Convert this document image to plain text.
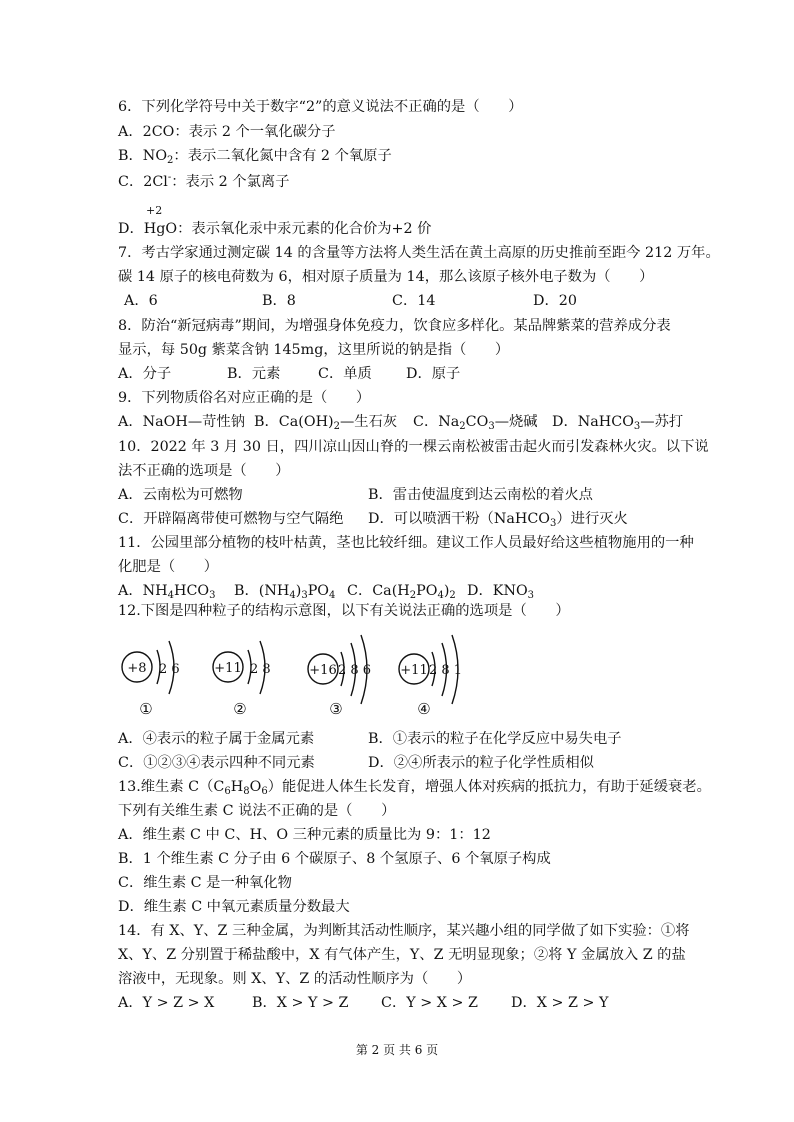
6．下列化学符号中关于数字“2”的意义说法不正确的是（　　）
A．2CO：表示 2 个一氧化碳分子
B．$NO_2$：表示二氧化氮中含有 2 个氧原子
C．2Cl-：表示 2 个氯离子
+2
D．HgO：表示氧化汞中汞元素的化合价为+2 价
7．考古学家通过测定碳 14 的含量等方法将人类生活在黄土高原的历史推前至距今 212 万年。
碳 14 原子的核电荷数为 6，相对原子质量为 14，那么该原子核外电子数为（　　）
A．6	B．8	C．14	D．20
8．防治“新冠病毒”期间，为增强身体免疫力，饮食应多样化。某品牌紫菜的营养成分表
显示，每 50g 紫菜含钠 145mg，这里所说的钠是指（　　）
A．分子	B．元素	C．单质 D．原子
9．下列物质俗名对应正确的是（　　）
A．NaOH—苛性钠 B．$Ca(OH)_2—$生石灰 C．$Na_2CO_3—$烧碱 D．NaHCO$_3$—苏打
10．2022 年 3 月 30 日，四川凉山因山脊的一棵云南松被雷击起火而引发森林火灾。以下说
法不正确的选项是（　　）
A．云南松为可燃物	B．雷击使温度到达云南松的着火点
C．开辟隔离带使可燃物与空气隔绝 D．可以喷洒干粉（NaHCO$_3$）进行灭火
11．公园里部分植物的枝叶枯黄，茎也比较纤细。建议工作人员最好给这些植物施用的一种
化肥是（　　）
A．$NH_4HCO_3$ B．$(NH_4)_3PO_4$ C．$Ca(H_2PO_4)_2$ D．$KNO_3$
12.下图是四种粒子的结构示意图，以下有关说法正确的选项是（　　）
+8	+11	+16	+11
2 6	2 8	2 8 6	2 8 1
①	②	③	④
A．④表示的粒子属于金属元素	B．①表示的粒子在化学反应中易失电子
C．①②③④表示四种不同元素	D．②④所表示的粒子化学性质相似
13.维生素 $C(C_6H_8O_6)$能促进人体生长发育，增强人体对疾病的抵抗力，有助于延缓衰老。
下列有关维生素 C 说法不正确的是（　　）
A．维生素 C 中 C、H、O 三种元素的质量比为 9：1：12
B．1 个维生素 C 分子由 6 个碳原子、8 个氢原子、6 个氧原子构成
C．维生素 C 是一种氧化物
D．维生素 C 中氧元素质量分数最大
14．有 X、Y、Z 三种金属，为判断其活动性顺序，某兴趣小组的同学做了如下实验：①将
X、Y、Z 分别置于稀盐酸中，X 有气体产生，Y、Z 无明显现象；②将 Y 金属放入 Z 的盐
溶液中，无现象。则 X、Y、Z 的活动性顺序为（　　）
A．Y > Z > X	B．X > Y > Z C．Y > X > Z D．X > Z > Y
第 2 页 共 6 页
